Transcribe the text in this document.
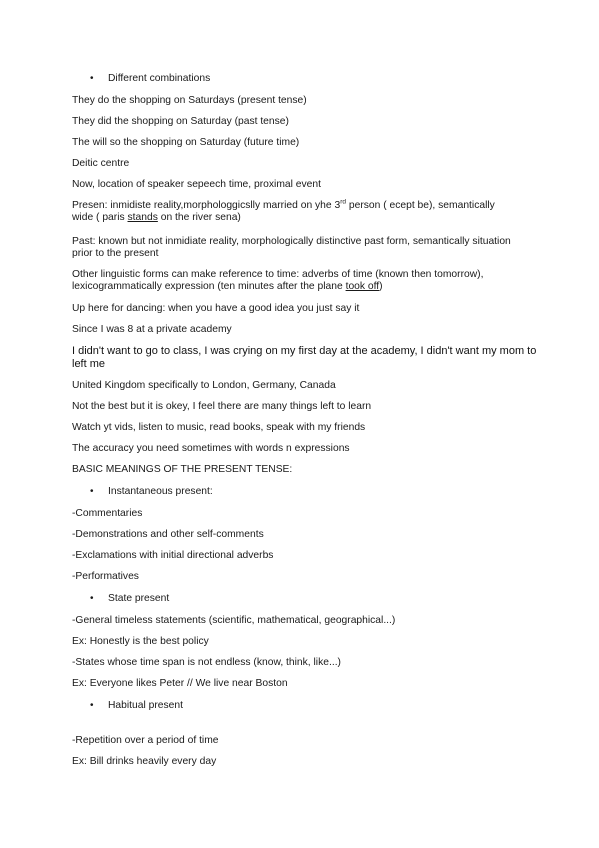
•	Different combinations
They do the shopping on Saturdays (present tense)
They did the shopping on Saturday (past tense)
The will so the shopping on Saturday (future time)
Deitic centre
Now, location of speaker sepeech time, proximal event
Presen: inmidiste reality,morphologgicslly married on yhe 3rd person ( ecept be), semantically
wide ( paris stands on the river sena)
Past: known but not inmidiate reality, morphologically distinctive past form, semantically situation
prior to the present
Other linguistic forms can make reference to time: adverbs of time (known then tomorrow),
lexicogrammatically expression (ten minutes after the plane took off)
Up here for dancing: when you have a good idea you just say it
Since I was 8 at a private academy
I didn't want to go to class, I was crying on my first day at the academy, I didn't want my mom to
left me
United Kingdom specifically to London, Germany, Canada
Not the best but it is okey, I feel there are many things left to learn
Watch yt vids, listen to music, read books, speak with my friends
The accuracy you need sometimes with words n expressions
BASIC MEANINGS OF THE PRESENT TENSE:
•	Instantaneous present:
-Commentaries
-Demonstrations and other self-comments
-Exclamations with initial directional adverbs
-Performatives
•	State present
-General timeless statements (scientific, mathematical, geographical...)
Ex: Honestly is the best policy
-States whose time span is not endless (know, think, like...)
Ex: Everyone likes Peter // We live near Boston
•	Habitual present
-Repetition over a period of time
Ex: Bill drinks heavily every day
